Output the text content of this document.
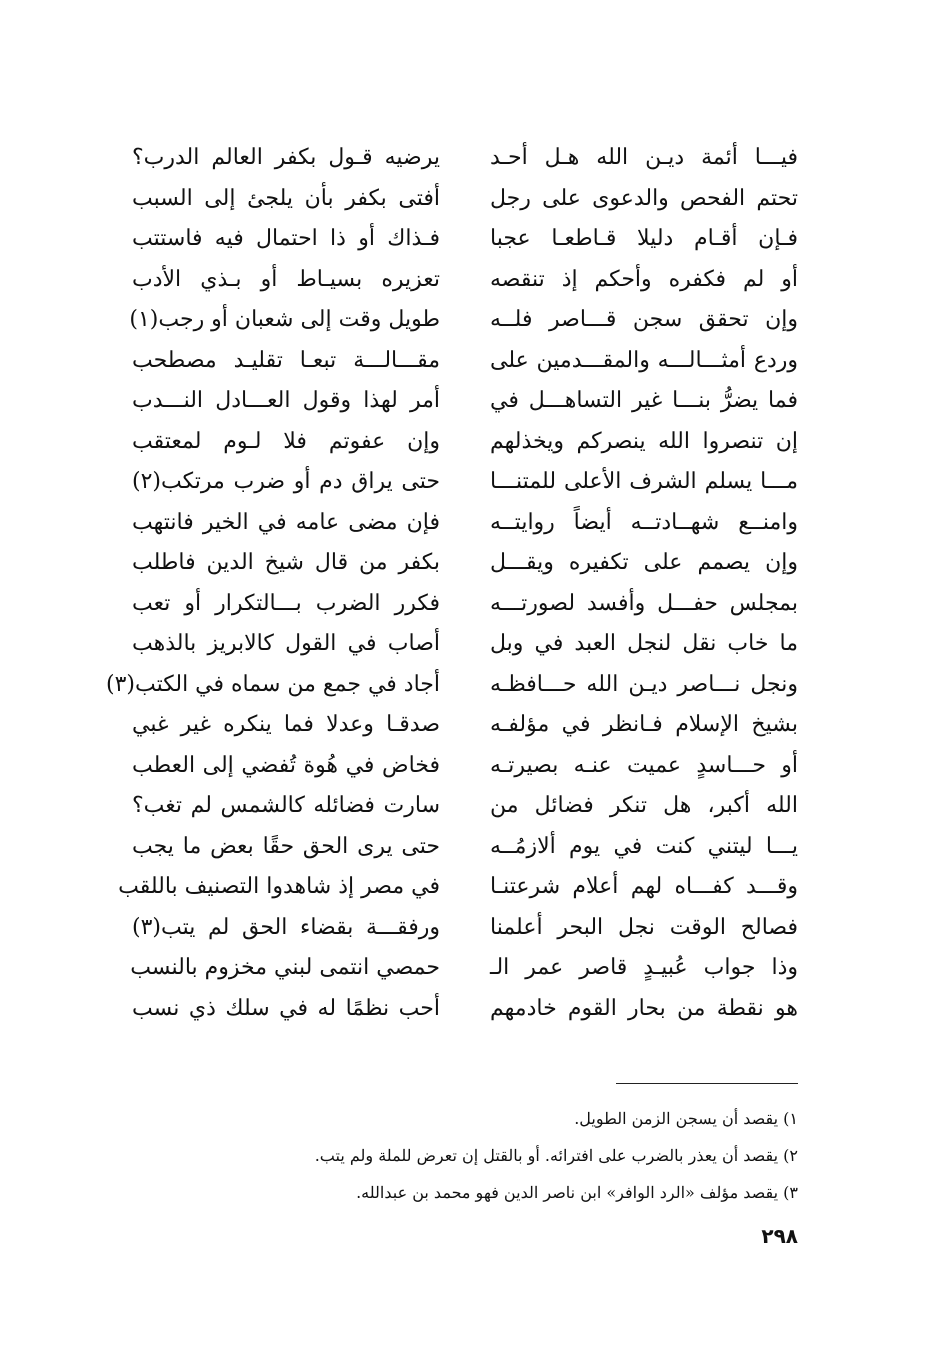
فيـــا أئمة ديـن الله هـل أحـد
تحتم الفحص والدعوى على رجل
فـإن أقـام دليلا قـاطعـا عجبا
أو لم فكفره وأحكم إذ تنقصه
وإن تحقق سجن قـــاصر فلــه
وردع أمثـــالـــه والمقـــدمين على
فما يضرُّ بنـــا غير التساهـــل في
إن تنصروا الله ينصركم ويخذلهم
مـــا يسلم الشرف الأعلى للمتنـــا
وامنــع شهــادتــه أيضاً روايتــه
وإن يصمم على تكفيره ويقـــل
بمجلس حفـــل وأفسد لصورتـــه
ما خاب نقل لنجل العبد في وبل
ونجل نـــاصر ديـن الله حـــافظـه
بشيخ الإسلام فـانظر في مؤلفـه
أو حـــاسدٍ عميت عنـه بصيرتـه
الله أكبر، هل تنكر فضائل من
يـــا ليتني كنت في يوم ألازمُــه
وقـــد كفـــاه لهم أعلام شرعتنـا
فصالح الوقت نجل البحر أعلمنا
وذا جواب عُبيـدٍ قاصر عمر الـ
هو نقطة من بحار القوم خادمهم
يرضيه قـول بكفر العالم الدرب؟
أفتى بكفر بأن يلجئ إلى السبب
فـذاك أو ذا احتمال فيه فاستتب
تعزيره بسيـاط أو بـذي الأدب
طويل وقت إلى شعبان أو رجب(١)
مقـــالـــة تبعـا تقليـد مصطحب
أمر لهذا وقول العـــادل النـــدب
وإن عفوتم فلا لـوم لمعتقب
حتى يراق دم أو ضرب مرتكب(٢)
فإن مضى عامه في الخير فانتهب
بكفر من قال شيخ الدين فاطلب
فكرر الضرب بـــالتكرار أو تعب
أصاب في القول كالابريز بالذهب
أجاد في جمع من سماه في الكتب(٣)
صدقـا وعدلا فما ينكره غير غبي
فخاض في هُوة تُفضي إلى العطب
سارت فضائله كالشمس لم تغب؟
حتى يرى الحق حقًا بعض ما يجب
في مصر إذ شاهدوا التصنيف باللقب
ورفقـــة بقضاء الحق لم يتب(٣)
حمصي انتمى لبني مخزوم بالنسب
أحب نظمًا له في سلك ذي نسب
١) يقصد أن يسجن الزمن الطويل.
٢) يقصد أن يعذر بالضرب على افترائه. أو بالقتل إن تعرض للملة ولم يتب.
٣) يقصد مؤلف «الرد الوافر» ابن ناصر الدين فهو محمد بن عبدالله.
٢٩٨
